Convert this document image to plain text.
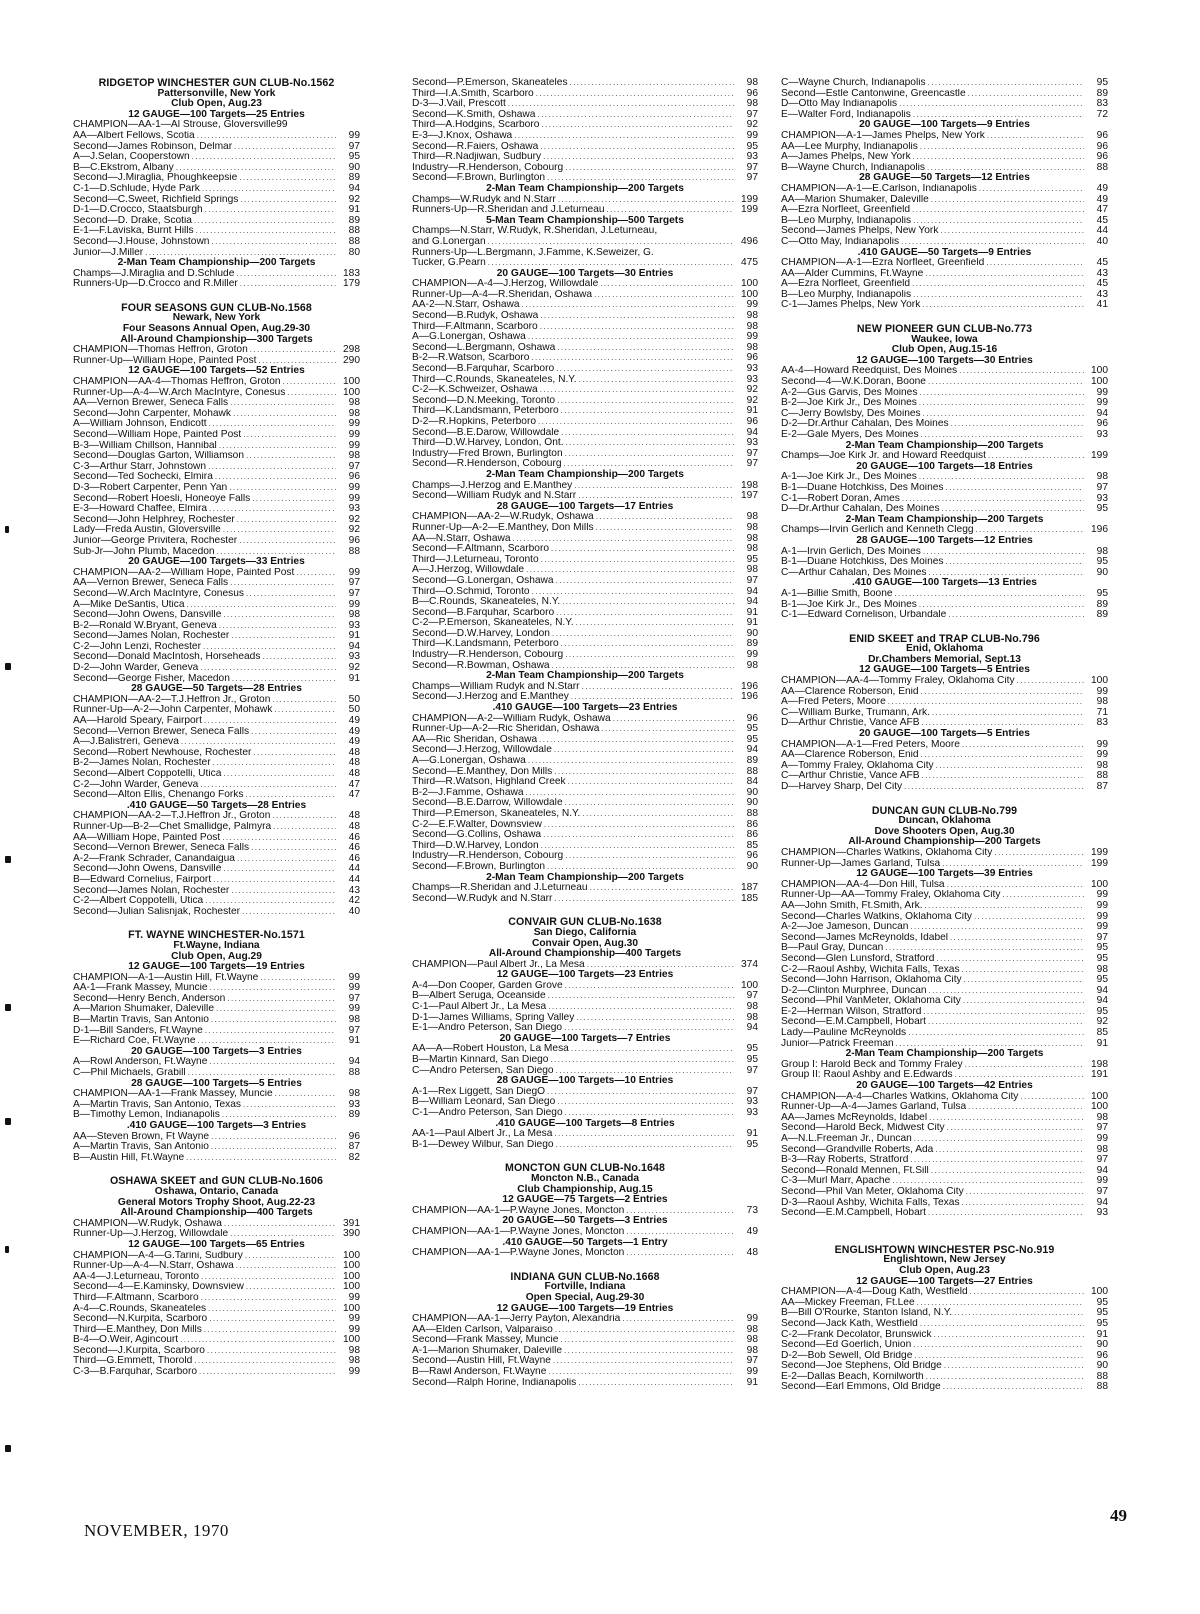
RIDGETOP WINCHESTER GUN CLUB-No.1562
Pattersonville, New York
Club Open, Aug.23
12 GAUGE—100 Targets—25 Entries
CHAMPION—AA-1—Al Strouse, Gloversville99
AA—Albert Fellows, Scotia .....	99
Second—James Robinson, Delmar .....	97
A—J.Selan, Cooperstown .....	95
B—C.Ekstrom, Albany .....	90
Second—J.Miraglia, Phoughkeepsie .....	89
C-1—D.Schlude, Hyde Park .....	94
Second—C.Sweet, Richfield Springs .....	92
D-1—D.Crocco, Staatsburgh .....	91
Second—D. Drake, Scotia .....	89
E-1—F.Laviska, Burnt Hills .....	88
Second—J.House, Johnstown .....	88
Junior—J.Miller .....	80
2-Man Team Championship—200 Targets
Champs—J.Miraglia and D.Schlude .....	183
Runners-Up—D.Crocco and R.Miller .....	179
FOUR SEASONS GUN CLUB-No.1568
Newark, New York
Four Seasons Annual Open, Aug.29-30
All-Around Championship—300 Targets
CHAMPION—Thomas Heffron, Groton .....	298
Runner-Up—William Hope, Painted Post .....	290
12 GAUGE—100 Targets—52 Entries
CHAMPION—AA-4—Thomas Heffron, Groton .....	100
Runner-Up—A-4—W.Arch MacIntyre, Conesus .....	100
AA—Vernon Brewer, Seneca Falls .....	98
Second—John Carpenter, Mohawk .....	98
A—William Johnson, Endicott .....	99
Second—William Hope, Painted Post .....	99
B-3—William Chillson, Hannibal .....	99
Second—Douglas Garton, Williamson .....	98
C-3—Arthur Starr, Johnstown .....	97
Second—Ted Sochecki, Elmira .....	96
D-3—Robert Carpenter, Penn Yan .....	99
Second—Robert Hoesli, Honeoye Falls .....	99
E-3—Howard Chaffee, Elmira .....	93
Second—John Helphrey, Rochester .....	92
Lady—Freda Austin, Gloversville .....	92
Junior—George Privitera, Rochester .....	96
Sub-Jr—John Plumb, Macedon .....	88
20 GAUGE—100 Targets—33 Entries
CHAMPION—AA-2—William Hope, Painted Post .....	99
AA—Vernon Brewer, Seneca Falls .....	97
Second—W.Arch MacIntyre, Conesus .....	97
A—Mike DeSantis, Utica .....	99
Second—John Owens, Dansville .....	98
B-2—Ronald W.Bryant, Geneva .....	93
Second—James Nolan, Rochester .....	91
C-2—John Lenzi, Rochester .....	94
Second—Donald MacIntosh, Horseheads .....	93
D-2—John Warder, Geneva .....	92
Second—George Fisher, Macedon .....	91
28 GAUGE—50 Targets—28 Entries
CHAMPION—AA-2—T.J.Heffron Jr., Groton .....	50
Runner-Up—A-2—John Carpenter, Mohawk .....	50
AA—Harold Speary, Fairport .....	49
Second—Vernon Brewer, Seneca Falls .....	49
A—J.Balistreri, Geneva .....	49
Second—Robert Newhouse, Rochester .....	48
B-2—James Nolan, Rochester .....	48
Second—Albert Coppotelli, Utica .....	48
C-2—John Warder, Geneva .....	47
Second—Alton Ellis, Chenango Forks .....	47
.410 GAUGE—50 Targets—28 Entries
CHAMPION—AA-2—T.J.Heffron Jr., Groton .....	48
Runner-Up—B-2—Chet Smallidge, Palmyra .....	48
AA—William Hope, Painted Post .....	46
Second—Vernon Brewer, Seneca Falls .....	46
A-2—Frank Schrader, Canandaigua .....	46
Second—John Owens, Dansville .....	44
B—Edward Cornelius, Fairport .....	44
Second—James Nolan, Rochester .....	43
C-2—Albert Coppotelli, Utica .....	42
Second—Julian Salisnjak, Rochester .....	40
FT. WAYNE WINCHESTER-No.1571
Ft.Wayne, Indiana
Club Open, Aug.29
12 GAUGE—100 Targets—19 Entries
CHAMPION—A-1—Austin Hill, Ft.Wayne .....	99
AA-1—Frank Massey, Muncie .....	99
Second—Henry Bench, Anderson .....	97
A—Marion Shumaker, Daleville .....	99
B—Martin Travis, San Antonio .....	98
D-1—Bill Sanders, Ft.Wayne .....	97
E—Richard Coe, Ft.Wayne .....	91
20 GAUGE—100 Targets—3 Entries
A—Rowl Anderson, Ft.Wayne .....	94
C—Phil Michaels, Grabill .....	88
28 GAUGE—100 Targets—5 Entries
CHAMPION—AA-1—Frank Massey, Muncie .....	98
A—Martin Travis, San Antonio, Texas .....	93
B—Timothy Lemon, Indianapolis .....	89
.410 GAUGE—100 Targets—3 Entries
AA—Steven Brown, Ft Wayne .....	96
A—Martin Travis, San Antonio .....	87
B—Austin Hill, Ft.Wayne .....	82
OSHAWA SKEET and GUN CLUB-No.1606
Oshawa, Ontario, Canada
General Motors Trophy Shoot, Aug.22-23
All-Around Championship—400 Targets
CHAMPION—W.Rudyk, Oshawa .....	391
Runner-Up—J.Herzog, Willowdale .....	390
12 GAUGE—100 Targets—65 Entries
CHAMPION—A-4—G.Tarini, Sudbury .....	100
Runner-Up—A-4—N.Starr, Oshawa .....	100
AA-4—J.Leturneau, Toronto .....	100
Second—4—E.Kaminsky, Downsview .....	100
Third—F.Altmann, Scarboro .....	99
A-4—C.Rounds, Skaneateles .....	100
Second—N.Kurpita, Scarboro .....	99
Third—E.Manthey, Don Mills .....	99
B-4—O.Weir, Agincourt .....	100
Second—J.Kurpita, Scarboro .....	98
Third—G.Emmett, Thorold .....	98
C-3—B.Farquhar, Scarboro .....	99
Second—P.Emerson, Skaneateles .....	98
Third—I.A.Smith, Scarboro .....	96
D-3—J.Vail, Prescott .....	98
Second—K.Smith, Oshawa .....	97
Third—A.Hodgins, Scarboro .....	92
E-3—J.Knox, Oshawa .....	99
Second—R.Faiers, Oshawa .....	95
Third—R.Nadjiwan, Sudbury .....	93
Industry—R.Henderson, Cobourg .....	97
Second—F.Brown, Burlington .....	97
2-Man Team Championship—200 Targets
Champs—W.Rudyk and N.Starr .....	199
Runners-Up—R.Sheridan and J.Leturneau .....	199
5-Man Team Championship—500 Targets
Champs—N.Starr, W.Rudyk, R.Sheridan, J.Leturneau,
and G.Lonergan .....	496
Runners-Up—L.Bergmann, J.Famme, K.Seweizer, G.
Tucker, G.Pearn .....	475
20 GAUGE—100 Targets—30 Entries
CHAMPION—A-4—J.Herzog, Willowdale .....	100
Runner-Up—A-4—R.Sheridan, Oshawa .....	100
AA-2—N.Starr, Oshawa .....	99
Second—B.Rudyk, Oshawa .....	98
Third—F.Altmann, Scarboro .....	98
A—G.Lonergan, Oshawa .....	99
Second—L.Bergmann, Oshawa .....	98
B-2—R.Watson, Scarboro .....	96
Second—B.Farquhar, Scarboro .....	93
Third—C.Rounds, Skaneateles, N.Y. .....	93
C-2—K.Schweizer, Oshawa .....	92
Second—D.N.Meeking, Toronto .....	92
Third—K.Landsmann, Peterboro .....	91
D-2—R.Hopkins, Peterboro .....	96
Second—B.E.Darow, Willowdale .....	94
Third—D.W.Harvey, London, Ont. .....	93
Industry—Fred Brown, Burlington .....	97
Second—R.Henderson, Cobourg .....	97
2-Man Team Championship—200 Targets
Champs—J.Herzog and E.Manthey .....	198
Second—William Rudyk and N.Starr .....	197
28 GAUGE—100 Targets—17 Entries
CHAMPION—AA-2—W.Rudyk, Oshawa .....	98
Runner-Up—A-2—E.Manthey, Don Mills .....	98
AA—N.Starr, Oshawa .....	98
Second—F.Altmann, Scarboro .....	98
Third—J.Leturneau, Toronto .....	95
A—J.Herzog, Willowdale .....	98
Second—G.Lonergan, Oshawa .....	97
Third—O.Schmid, Toronto .....	94
B—C.Rounds, Skaneateles, N.Y. .....	94
Second—B.Farquhar, Scarboro .....	91
C-2—P.Emerson, Skaneateles, N.Y. .....	91
Second—D.W.Harvey, London .....	90
Third—K.Landsmann, Peterboro .....	89
Industry—R.Henderson, Cobourg .....	99
Second—R.Bowman, Oshawa .....	98
2-Man Team Championship—200 Targets
Champs—William Rudyk and N.Starr .....	196
Second—J.Herzog and E.Manthey .....	196
.410 GAUGE—100 Targets—23 Entries
CHAMPION—A-2—William Rudyk, Oshawa .....	96
Runner-Up—A-2—Ric Sheridan, Oshawa .....	95
AA—Ric Sheridan, Oshawa .....	95
Second—J.Herzog, Willowdale .....	94
A—G.Lonergan, Oshawa .....	89
Second—E.Manthey, Don Mills .....	88
Third—R.Watson, Highland Creek .....	84
B-2—J.Famme, Oshawa .....	90
Second—B.E.Darrow, Willowdale .....	90
Third—P.Emerson, Skaneateles, N.Y. .....	88
C-2—E.F.Walter, Downsview .....	86
Second—G.Collins, Oshawa .....	86
Third—D.W.Harvey, London .....	85
Industry—R.Henderson, Cobourg .....	96
Second—F.Brown, Burlington .....	90
2-Man Team Championship—200 Targets
Champs—R.Sheridan and J.Leturneau .....	187
Second—W.Rudyk and N.Starr .....	185
CONVAIR GUN CLUB-No.1638
San Diego, California
Convair Open, Aug.30
All-Around Championship—400 Targets
CHAMPION—Paul Albert Jr., La Mesa .....	374
12 GAUGE—100 Targets—23 Entries
A-4—Don Cooper, Garden Grove .....	100
B—Albert Seruga, Oceanside .....	97
C-1—Paul Albert Jr., La Mesa .....	98
D-1—James Williams, Spring Valley .....	98
E-1—Andro Peterson, San Diego .....	94
20 GAUGE—100 Targets—7 Entries
AA—A—Robert Houston, La Mesa .....	95
B—Martin Kinnard, San Diego .....	95
C—Andro Petersen, San Diego .....	97
28 GAUGE—100 Targets—10 Entries
A-1—Rex Liggett, San DiegO .....	97
B—William Leonard, San Diego .....	93
C-1—Andro Peterson, San Diego .....	93
.410 GAUGE—100 Targets—8 Entries
AA-1—Paul Albert Jr., La Mesa .....	91
B-1—Dewey Wilbur, San Diego .....	95
MONCTON GUN CLUB-No.1648
Moncton N.B., Canada
Club Championship, Aug.15
12 GAUGE—75 Targets—2 Entries
CHAMPION—AA-1—P.Wayne Jones, Moncton .....	73
20 GAUGE—50 Targets—3 Entries
CHAMPION—AA-1—P.Wayne Jones, Moncton .....	49
.410 GAUGE—50 Targets—1 Entry
CHAMPION—AA-1—P.Wayne Jones, Moncton .....	48
INDIANA GUN CLUB-No.1668
Fortville, Indiana
Open Special, Aug.29-30
12 GAUGE—100 Targets—19 Entries
CHAMPION—AA-1—Jerry Payton, Alexandria .....	99
AA—Elden Carlson, Valparaiso .....	98
Second—Frank Massey, Muncie .....	98
A-1—Marion Shumaker, Daleville .....	98
Second—Austin Hill, Ft.Wayne .....	97
B—Rawl Anderson, Ft.Wayne .....	99
Second—Ralph Horine, Indianapolis .....	91
C—Wayne Church, Indianapolis .....	95
Second—Estle Cantonwine, Greencastle .....	89
D—Otto May Indianapolis .....	83
E—Walter Ford, Indianapolis .....	72
20 GAUGE—100 Targets—9 Entries
CHAMPION—A-1—James Phelps, New York .....	96
AA—Lee Murphy, Indianapolis .....	96
A—James Phelps, New York .....	96
B—Wayne Church, Indianapolis .....	88
28 GAUGE—50 Targets—12 Entries
CHAMPION—A-1—E.Carlson, Indianapolis .....	49
AA—Marion Shumaker, Daleville .....	49
A—Ezra Norfleet, Greenfield .....	47
B—Leo Murphy, Indianapolis .....	45
Second—James Phelps, New York .....	44
C—Otto May, Indianapolis .....	40
.410 GAUGE—50 Targets—9 Entries
CHAMPION—A-1—Ezra Norfleet, Greenfield .....	45
AA—Alder Cummins, Ft.Wayne .....	43
A—Ezra Norfleet, Greenfield .....	45
B—Leo Murphy, Indianapolis .....	43
C-1—James Phelps, New York .....	41
NEW PIONEER GUN CLUB-No.773
Waukee, Iowa
Club Open, Aug.15-16
12 GAUGE—100 Targets—30 Entries
AA-4—Howard Reedquist, Des Moines .....	100
Second—4—W.K.Doran, Boone .....	100
A-2—Gus Garvis, Des Moines .....	99
B-2—Joe Kirk Jr., Des Moines .....	99
C—Jerry Bowlsby, Des Moines .....	94
D-2—Dr.Arthur Cahalan, Des Moines .....	96
E-2—Gale Myers, Des Moines .....	93
2-Man Team Championship—200 Targets
Champs—Joe Kirk Jr. and Howard Reedquist .....	199
20 GAUGE—100 Targets—18 Entries
A-1—Joe Kirk Jr., Des Moines .....	98
B-1—Duane Hotchkiss, Des Moines .....	97
C-1—Robert Doran, Ames .....	93
D—Dr.Arthur Cahalan, Des Moines .....	95
2-Man Team Championship—200 Targets
Champs—Irvin Gerlich and Kenneth Clegg .....	196
28 GAUGE—100 Targets—12 Entries
A-1—Irvin Gerlich, Des Moines .....	98
B-1—Duane Hotchkiss, Des Moines .....	95
C—Arthur Cahalan, Des Moines .....	90
.410 GAUGE—100 Targets—13 Entries
A-1—Billie Smith, Boone .....	95
B-1—Joe Kirk Jr., Des Moines .....	89
C-1—Edward Cornelison, Urbandale .....	89
ENID SKEET and TRAP CLUB-No.796
Enid, Oklahoma
Dr.Chambers Memorial, Sept.13
12 GAUGE—100 Targets—5 Entries
CHAMPION—AA-4—Tommy Fraley, Oklahoma City .....	100
AA—Clarence Roberson, Enid .....	99
A—Fred Peters, Moore .....	98
C—William Burke, Trumann, Ark. .....	71
D—Arthur Christie, Vance AFB .....	83
20 GAUGE—100 Targets—5 Entries
CHAMPION—A-1—Fred Peters, Moore .....	99
AA—Clarence Roberson, Enid .....	99
A—Tommy Fraley, Oklahoma City .....	98
C—Arthur Christie, Vance AFB .....	88
D—Harvey Sharp, Del City .....	87
DUNCAN GUN CLUB-No.799
Duncan, Oklahoma
Dove Shooters Open, Aug.30
All-Around Championship—200 Targets
CHAMPION—Charles Watkins, Oklahoma City .....	199
Runner-Up—James Garland, Tulsa .....	199
12 GAUGE—100 Targets—39 Entries
CHAMPION—AA-4—Don Hill, Tulsa .....	100
Runner-Up—AA—Tommy Fraley, Oklahoma City .....	99
AA—John Smith, Ft.Smith, Ark. .....	99
Second—Charles Watkins, Oklahoma City .....	99
A-2—Joe Jameson, Duncan .....	99
Second—James McReynolds, Idabel .....	97
B—Paul Gray, Duncan .....	95
Second—Glen Lunsford, Stratford .....	95
C-2—Raoul Ashby, Wichita Falls, Texas .....	98
Second—John Harrison, Oklahoma City .....	95
D-2—Clinton Murphree, Duncan .....	94
Second—Phil VanMeter, Oklahoma City .....	94
E-2—Herman Wilson, Stratford .....	95
Second—E.M.Campbell, Hobart .....	92
Lady—Pauline McReynolds .....	85
Junior—Patrick Freeman .....	91
2-Man Team Championship—200 Targets
Group I: Harold Beck and Tommy Fraley .....	198
Group II: Raoul Ashby and E.Edwards .....	191
20 GAUGE—100 Targets—42 Entries
CHAMPION—A-4—Charles Watkins, Oklahoma City .....	100
Runner-Up—A-4—James Garland, Tulsa .....	100
AA—James McReynolds, Idabel .....	98
Second—Harold Beck, Midwest City .....	97
A—N.L.Freeman Jr., Duncan .....	99
Second—Grandville Roberts, Ada .....	98
B-3—Ray Roberts, Stratford .....	97
Second—Ronald Mennen, Ft.Sill .....	94
C-3—Murl Marr, Apache .....	99
Second—Phil Van Meter, Oklahoma City .....	97
D-3—Raoul Ashby, Wichita Falls, Texas .....	94
Second—E.M.Campbell, Hobart .....	93
ENGLISHTOWN WINCHESTER PSC-No.919
Englishtown, New Jersey
Club Open, Aug.23
12 GAUGE—100 Targets—27 Entries
CHAMPION—A-4—Doug Kath, Westfield .....	100
AA—Mickey Freeman, Ft.Lee .....	95
B—Bill O'Rourke, Stanton Island, N.Y. .....	95
Second—Jack Kath, Westfield .....	95
C-2—Frank Decolator, Brunswick .....	91
Second—Ed Goerlich, Union .....	90
D-2—Bob Sewell, Old Bridge .....	96
Second—Joe Stephens, Old Bridge .....	90
E-2—Dallas Beach, Kornilworth .....	88
Second—Earl Emmons, Old Bridge .....	88
NOVEMBER, 1970
49
